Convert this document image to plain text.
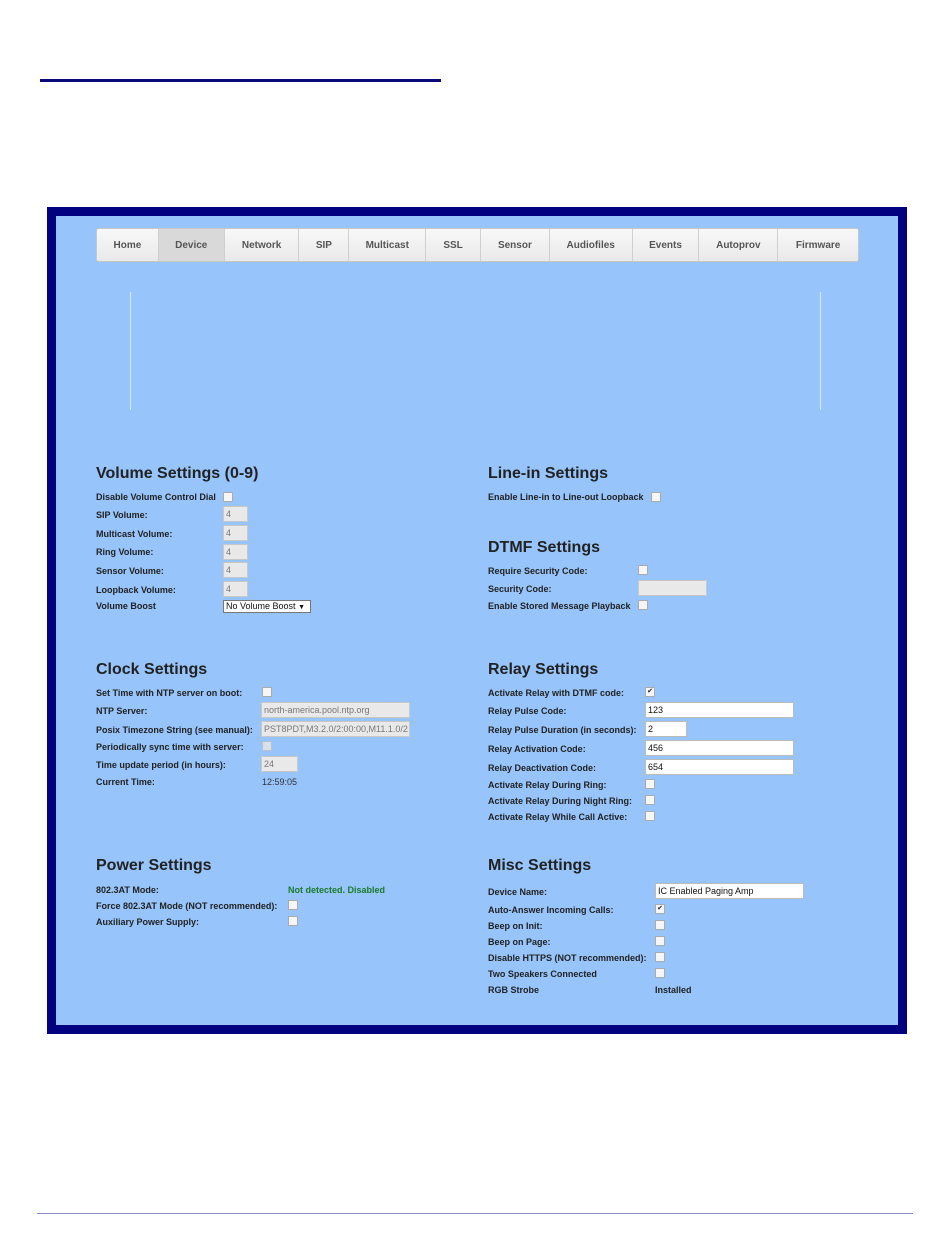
Home	Device	Network	SIP	Multicast	SSL	Sensor	Audiofiles	Events	Autoprov	Firmware
Volume Settings (0-9)
Disable Volume Control Dial
SIP Volume:	4
Multicast Volume:	4
Ring Volume:	4
Sensor Volume:	4
Loopback Volume:	4
Volume Boost	No Volume Boost ▼
Line-in Settings
Enable Line-in to Line-out Loopback
DTMF Settings
Require Security Code:
Security Code:
Enable Stored Message Playback
Clock Settings
Set Time with NTP server on boot:
NTP Server:	north-america.pool.ntp.org
Posix Timezone String (see manual):	PST8PDT,M3.2.0/2:00:00,M11.1.0/2
Periodically sync time with server:
Time update period (in hours):	24
Current Time:	12:59:05
Relay Settings
Activate Relay with DTMF code:	✔
Relay Pulse Code:	123
Relay Pulse Duration (in seconds):	2
Relay Activation Code:	456
Relay Deactivation Code:	654
Activate Relay During Ring:
Activate Relay During Night Ring:
Activate Relay While Call Active:
Power Settings
802.3AT Mode:	Not detected. Disabled
Force 802.3AT Mode (NOT recommended):
Auxiliary Power Supply:
Misc Settings
Device Name:	IC Enabled Paging Amp
Auto-Answer Incoming Calls:	✔
Beep on Init:
Beep on Page:
Disable HTTPS (NOT recommended):
Two Speakers Connected
RGB Strobe	Installed
